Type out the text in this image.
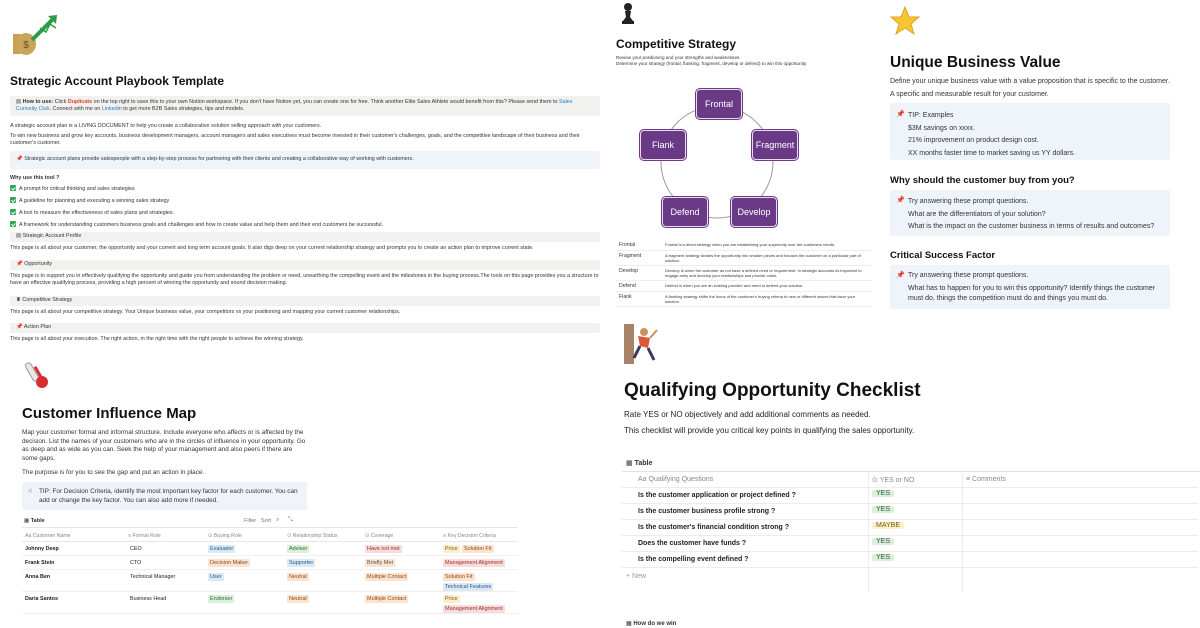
$
Strategic Account Playbook Template
▤ How to use: Click Duplicate on the top right to save this to your own Notion workspace. If you don't have Notion yet, you can create one for free. Think another Elite Sales Athlete would benefit from this? Please send them to Sales Curiosity Club. Connect with me on Linkedin to get more B2B Sales strategies, tips and models.
A strategic account plan is a LIVING DOCUMENT to help you create a collaborative solution selling approach with your customers.
To win new business and grow key accounts, business development managers, account managers and sales executives must become invested in their customer's challenges, goals, and the competitive landscape of their business and their customer's customer.
📌 Strategic account plans provide salespeople with a step-by-step process for partnering with their clients and creating a collaborative way of working with customers.
Why use this tool ?
A prompt for critical thinking and sales strategies
A guideline for planning and executing a winning sales strategy
A tool to measure the effectiveness of sales plans and strategies.
A framework for understanding customers business goals and challenges and how to create value and help them and their end customers be successful.
▤ Strategic Account Profile
This page is all about your customer, the opportunity and your current and long term account goals. It also digs deep on your current relationship strategy and prompts you to create an action plan to improve current state.
📌 Opportunity
This page is to support you in effectively qualifying the opportunity and guide you from understanding the problem or need, unearthing the compelling event and the milestones in the buying process.The tools on this page provides you a structure to have an effective qualifying process, providing a high percent of winning the opportunity and sound decision making.
♜ Competitive Strategy
This page is all about your competitive strategy. Your Unique business value, your competitors vs your positioning and mapping your current customer relationships.
📌 Action Plan
This page is all about your execution. The right action, in the right time with the right people to achieve the winning strategy.
Competitive Strategy
Review your positioning and your strengths and weaknesses.
Determine your strategy (frontal, flanking, fragment, develop or defend) to win this opportunity.
Frontal
Fragment
Develop
Defend
Flank
Frontal	Frontal is a direct strategy when you are establishing your superiority over the customers needs.
Fragment	A fragment strategy divides the opportunity into smaller pieces and focuses the customer on a particular part of solution.
Develop	Develop is when the customer do not have a defined need or requirement. In strategic accounts its important to engage early and develop your relationships and provide value.
Defend	Defend is when you are an existing provider and need to defend your solution.
Flank	A flanking strategy shifts the focus of the customer's buying criteria to new or different issues that favor your solution.
Unique Business Value
Define your unique business value with a value proposition that is specific to the customer.
A specific and measurable result for your customer.
📌 TIP: Examples
$3M savings on xxxx.
21% improvement on product design cost.
XX months faster time to market saving us YY dollars.
Why should the customer buy from you?
📌 Try answering these prompt questions.
What are the differentiators of your solution?
What is the impact on the customer business in terms of results and outcomes?
Critical Success Factor
📌 Try answering these prompt questions.
What has to happen for you to win this opportunity? Identify things the customer must do, things the competition must do and things you must do.
Customer Influence Map
Map your customer formal and informal structure. Include everyone who affects or is affected by the decision. List the names of your customers who are in the circles of influence in your opportunity. Go as deep and as wide as you can. Seek the help of your management and also peers if there are some gaps.
The purpose is for you to see the gap and put an action in place.
☝ TIP: For Decision Criteria, identify the most important key factor for each customer. You can add or change the key factor. You can also add more if needed.
▦ Table	Filter Sort ⌕ ⤡
Aa Customer Name	≡ Formal Role	⊙ Buying Role	⊙ Relationship Status	⊙ Coverage	≡ Key Decision Criteria
Johnny Deep	CEO	Evaluator	Adviser	Have not met	Price	Solution Fit
Frank Stein	CTO	Decision Maker	Supporter	Briefly Met	Management Alignment
Anna Ben	Technical Manager	User	Neutral	Multiple Contact	Solution Fit
Technical Features
Daria Santos	Business Head	Endorser	Neutral	Multiple Contact	Price
Management Alignment
Qualifying Opportunity Checklist
Rate YES or NO objectively and add additional comments as needed.
This checklist will provide you critical key points in qualifying the sales opportunity.
▦ Table
Aa Qualifying Questions	⊙ YES or NO	≡ Comments
Is the customer application or project defined ?	YES
Is the customer business profile strong ?	YES
Is the customer's financial condition strong ?	MAYBE
Does the customer have funds ?	YES
Is the compelling event defined ?	YES
+ New
▦ How do we win
